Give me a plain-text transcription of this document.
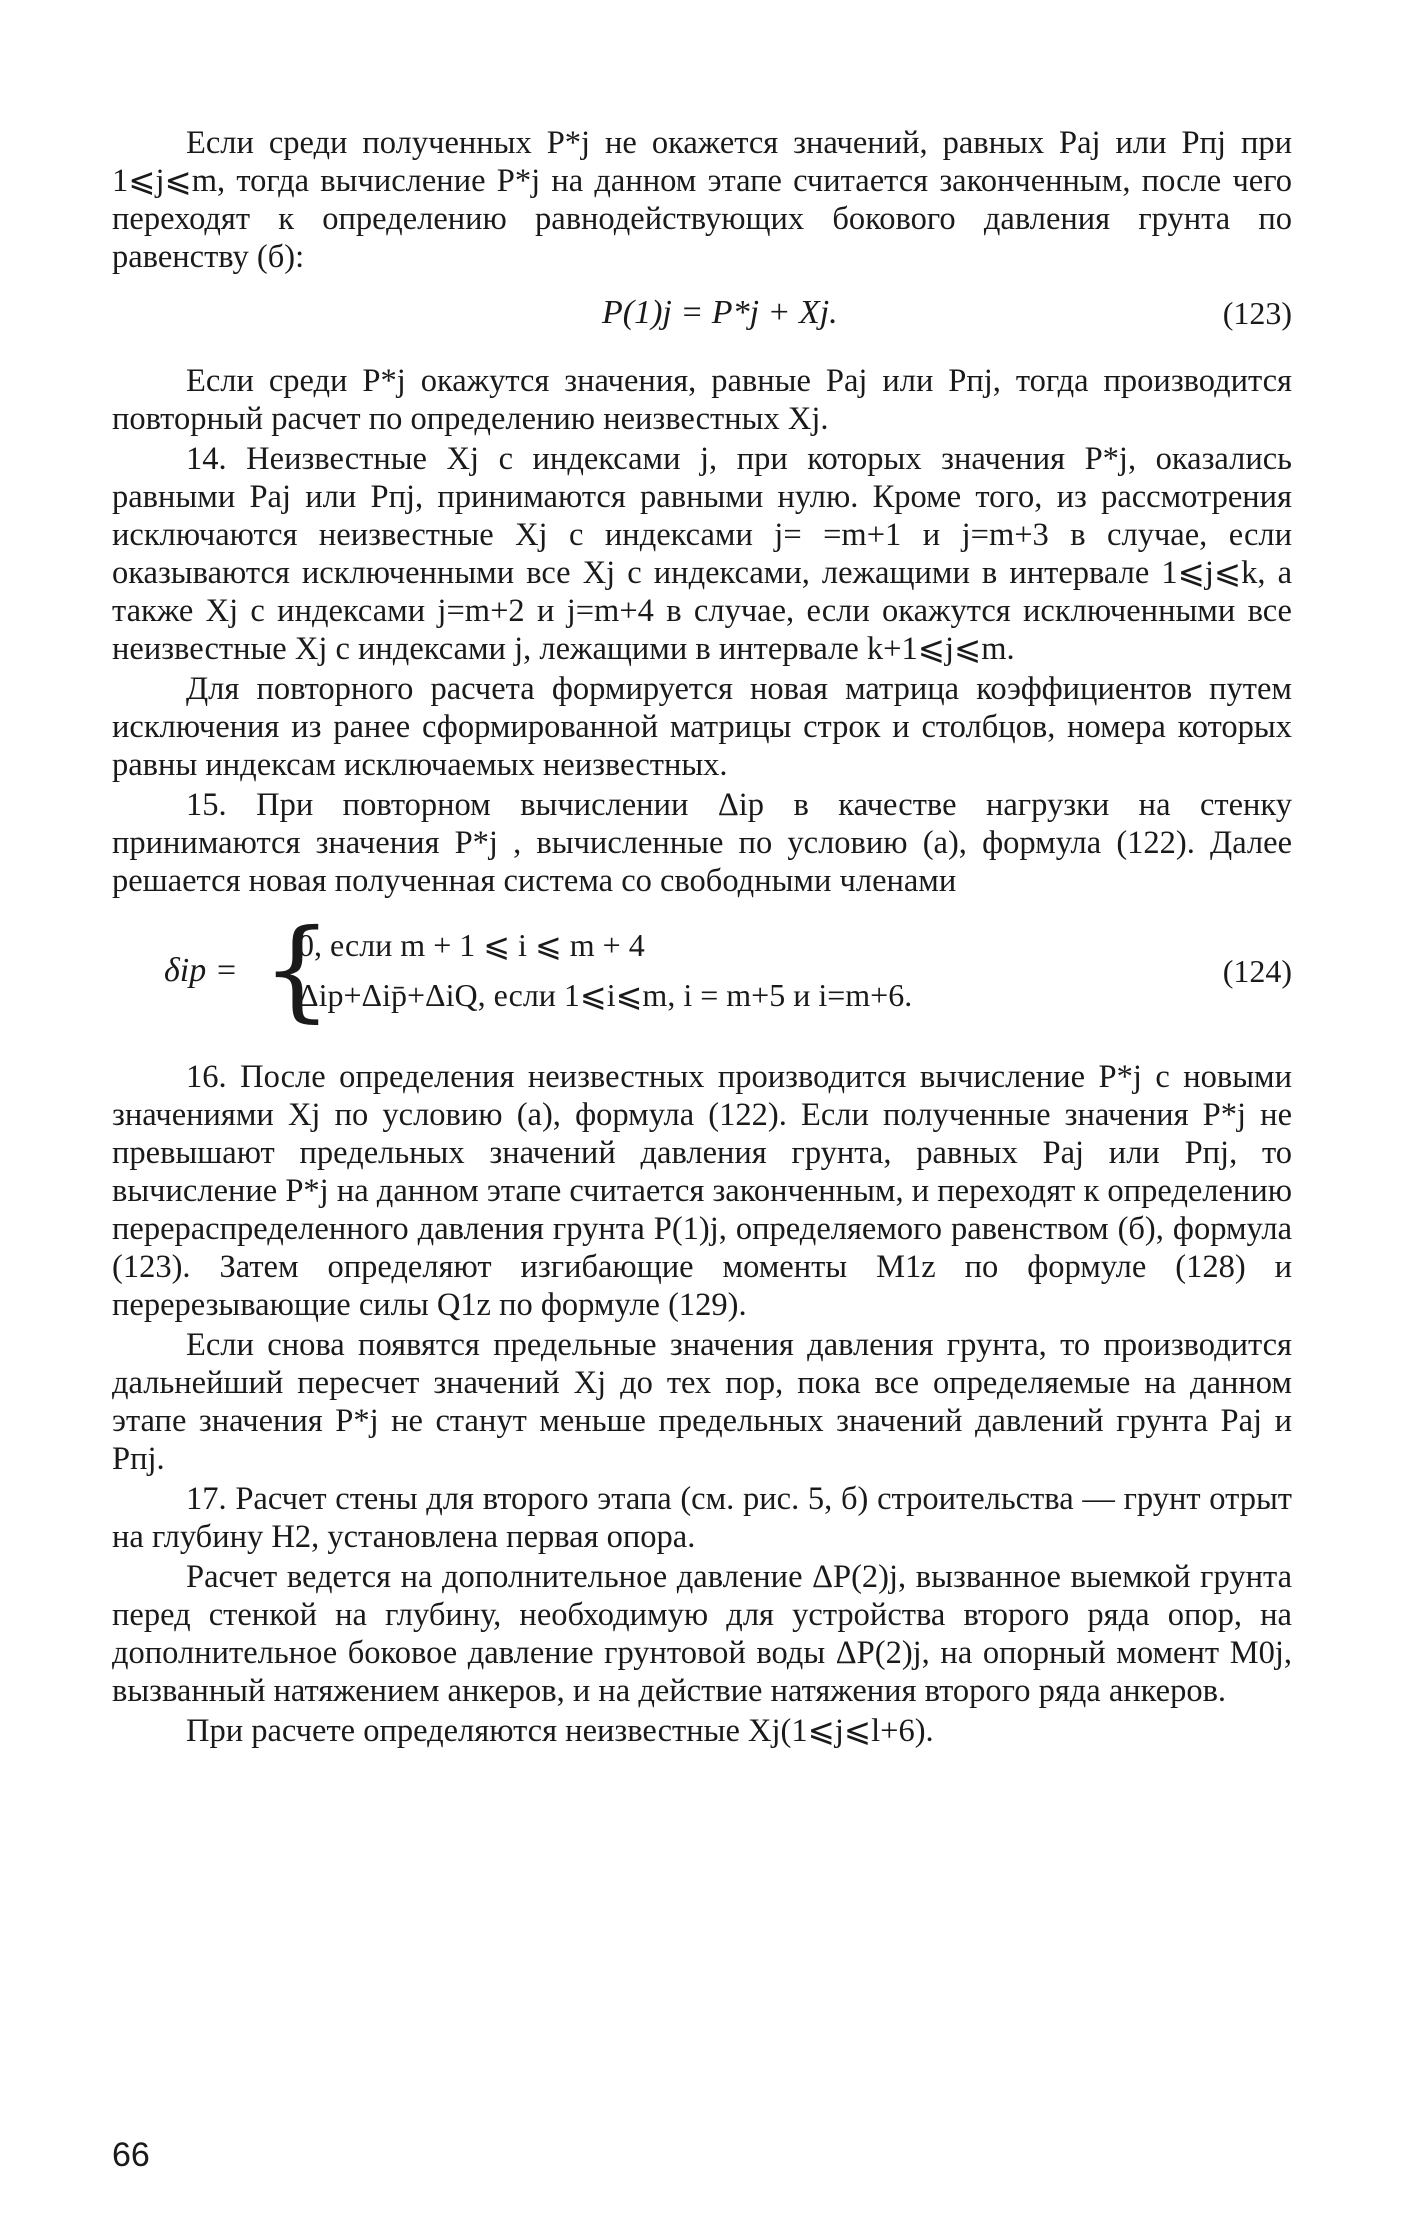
Если среди полученных P*j не окажется значений, равных Paj или Pпj при 1⩽j⩽m, тогда вычисление P*j на данном этапе считается законченным, после чего переходят к определению равнодействующих бокового давления грунта по равенству (б):

P(1)j = P*j + Xj.	(123)

Если среди P*j окажутся значения, равные Paj или Pпj, тогда производится повторный расчет по определению неизвестных Xj.

14. Неизвестные Xj с индексами j, при которых значения P*j, оказались равными Paj или Pпj, принимаются равными нулю. Кроме того, из рассмотрения исключаются неизвестные Xj с индексами j= =m+1 и j=m+3 в случае, если оказываются исключенными все Xj с индексами, лежащими в интервале 1⩽j⩽k, а также Xj с индексами j=m+2 и j=m+4 в случае, если окажутся исключенными все неизвестные Xj с индексами j, лежащими в интервале k+1⩽j⩽m.

Для повторного расчета формируется новая матрица коэффициентов путем исключения из ранее сформированной матрицы строк и столбцов, номера которых равны индексам исключаемых неизвестных.

15. При повторном вычислении Δip в качестве нагрузки на стенку принимаются значения P*j , вычисленные по условию (а), формула (122). Далее решается новая полученная система со свободными членами

δip = {
0, если m + 1 ⩽ i ⩽ m + 4
Δip+Δip̄+ΔiQ, если 1⩽i⩽m, i = m+5 и i=m+6.
(124)

16. После определения неизвестных производится вычисление P*j с новыми значениями Xj по условию (а), формула (122). Если полученные значения P*j не превышают предельных значений давления грунта, равных Paj или Pпj, то вычисление P*j на данном этапе считается законченным, и переходят к определению перераспределенного давления грунта P(1)j, определяемого равенством (б), формула (123). Затем определяют изгибающие моменты M1z по формуле (128) и перерезывающие силы Q1z по формуле (129).

Если снова появятся предельные значения давления грунта, то производится дальнейший пересчет значений Xj до тех пор, пока все определяемые на данном этапе значения P*j не станут меньше предельных значений давлений грунта Paj и Pпj.

17. Расчет стены для второго этапа (см. рис. 5, б) строительства — грунт отрыт на глубину H2, установлена первая опора.

Расчет ведется на дополнительное давление ΔP(2)j, вызванное выемкой грунта перед стенкой на глубину, необходимую для устройства второго ряда опор, на дополнительное боковое давление грунтовой воды ΔP(2)j, на опорный момент M0j, вызванный натяжением анкеров, и на действие натяжения второго ряда анкеров.

При расчете определяются неизвестные Xj(1⩽j⩽l+6).

66
